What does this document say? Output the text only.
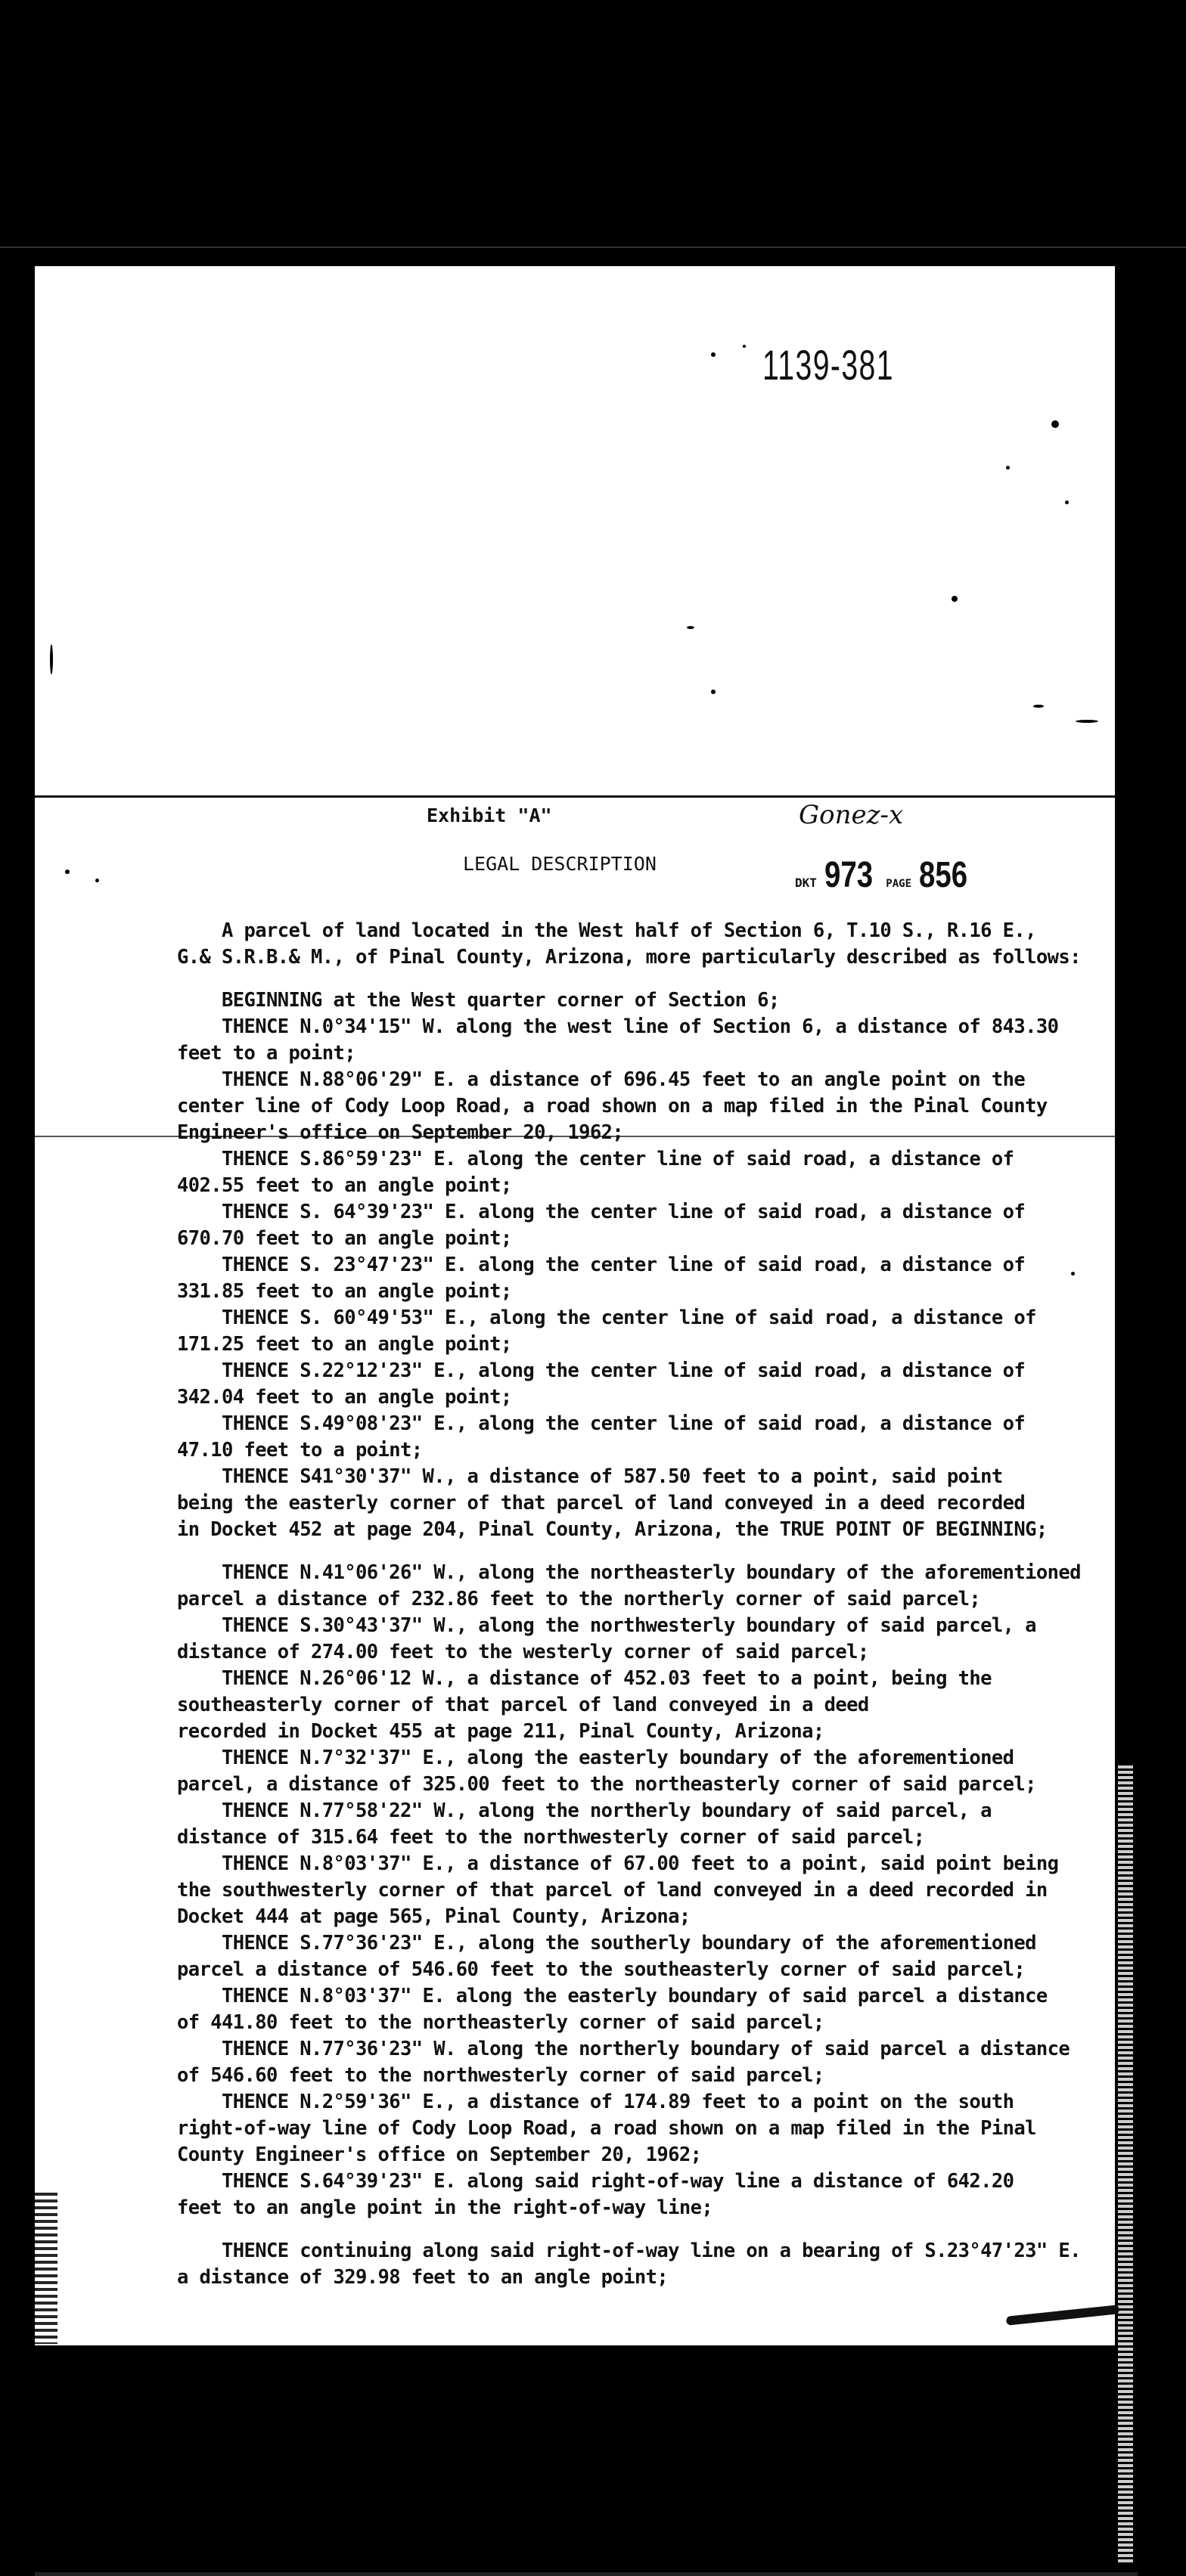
1139-381
Exhibit "A"	Gonez-x
LEGAL DESCRIPTION
DKT 973 PAGE 856
A parcel of land located in the West half of Section 6, T.10 S., R.16 E.,
G.& S.R.B.& M., of Pinal County, Arizona, more particularly described as follows:
BEGINNING at the West quarter corner of Section 6;
THENCE N.0°34'15" W. along the west line of Section 6, a distance of 843.30
feet to a point;
THENCE N.88°06'29" E. a distance of 696.45 feet to an angle point on the
center line of Cody Loop Road, a road shown on a map filed in the Pinal County
Engineer's office on September 20, 1962;
THENCE S.86°59'23" E. along the center line of said road, a distance of
402.55 feet to an angle point;
THENCE S. 64°39'23" E. along the center line of said road, a distance of
670.70 feet to an angle point;
THENCE S. 23°47'23" E. along the center line of said road, a distance of
331.85 feet to an angle point;
THENCE S. 60°49'53" E., along the center line of said road, a distance of
171.25 feet to an angle point;
THENCE S.22°12'23" E., along the center line of said road, a distance of
342.04 feet to an angle point;
THENCE S.49°08'23" E., along the center line of said road, a distance of
47.10 feet to a point;
THENCE S41°30'37" W., a distance of 587.50 feet to a point, said point
being the easterly corner of that parcel of land conveyed in a deed recorded
in Docket 452 at page 204, Pinal County, Arizona, the TRUE POINT OF BEGINNING;
THENCE N.41°06'26" W., along the northeasterly boundary of the aforementioned
parcel a distance of 232.86 feet to the northerly corner of said parcel;
THENCE S.30°43'37" W., along the northwesterly boundary of said parcel, a
distance of 274.00 feet to the westerly corner of said parcel;
THENCE N.26°06'12 W., a distance of 452.03 feet to a point, being the
southeasterly corner of that parcel of land conveyed in a deed
recorded in Docket 455 at page 211, Pinal County, Arizona;
THENCE N.7°32'37" E., along the easterly boundary of the aforementioned
parcel, a distance of 325.00 feet to the northeasterly corner of said parcel;
THENCE N.77°58'22" W., along the northerly boundary of said parcel, a
distance of 315.64 feet to the northwesterly corner of said parcel;
THENCE N.8°03'37" E., a distance of 67.00 feet to a point, said point being
the southwesterly corner of that parcel of land conveyed in a deed recorded in
Docket 444 at page 565, Pinal County, Arizona;
THENCE S.77°36'23" E., along the southerly boundary of the aforementioned
parcel a distance of 546.60 feet to the southeasterly corner of said parcel;
THENCE N.8°03'37" E. along the easterly boundary of said parcel a distance
of 441.80 feet to the northeasterly corner of said parcel;
THENCE N.77°36'23" W. along the northerly boundary of said parcel a distance
of 546.60 feet to the northwesterly corner of said parcel;
THENCE N.2°59'36" E., a distance of 174.89 feet to a point on the south
right-of-way line of Cody Loop Road, a road shown on a map filed in the Pinal
County Engineer's office on September 20, 1962;
THENCE S.64°39'23" E. along said right-of-way line a distance of 642.20
feet to an angle point in the right-of-way line;
THENCE continuing along said right-of-way line on a bearing of S.23°47'23" E.
a distance of 329.98 feet to an angle point;
